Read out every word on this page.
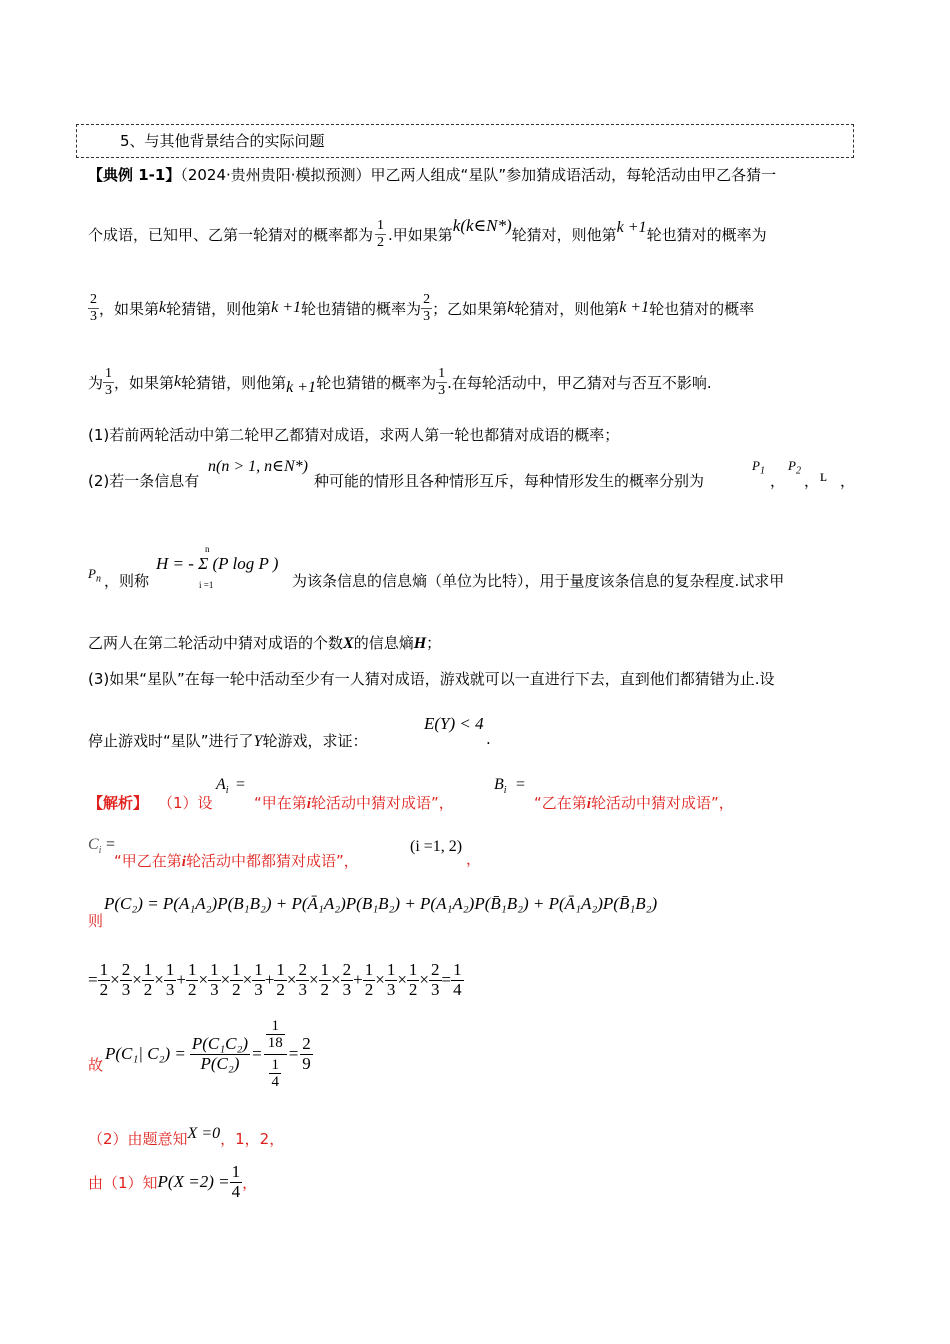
5、与其他背景结合的实际问题
【典例 1-1】（2024·贵州贵阳·模拟预测）甲乙两人组成“星队”参加猜成语活动，每轮活动由甲乙各猜一
个成语，已知甲、乙第一轮猜对的概率都为 $\frac{1}{2}$ .甲如果第 k(k∈N*) 轮猜对，则他第 k +1 轮也猜对的概率为
$\frac{2}{3}$ ，如果第 k 轮猜错，则他第 k +1 轮也猜错的概率为 $\frac{2}{3}$ ；乙如果第 k 轮猜对，则他第 k +1 轮也猜对的概率
为 $\frac{1}{3}$ ，如果第 k 轮猜错，则他第 k +1 轮也猜错的概率为 $\frac{1}{3}$ .在每轮活动中，甲乙猜对与否互不影响.
(1)若前两轮活动中第二轮甲乙都猜对成语，求两人第一轮也都猜对成语的概率；
(2)若一条信息有
n(n > 1, n∈N*)
种可能的情形且各种情形互斥，每种情形发生的概率分别为
$P_1$
，
$P_2$
， ʟ ，
$P_n$ ，则称
n
H = - Σ (P log P )
i =1	为该条信息的信息熵（单位为比特），用于量度该条信息的复杂程度.试求甲
乙两人在第二轮活动中猜对成语的个数X的信息熵H；
(3)如果“星队”在每一轮中活动至少有一人猜对成语，游戏就可以一直进行下去，直到他们都猜错为止.设
停止游戏时“星队”进行了Y轮游戏，求证：
E(Y) < 4
.
【解析】 （1）设
$A_i$ =
“甲在第i轮活动中猜对成语”，
$B_i$ =
“乙在第i轮活动中猜对成语”，
$C_i$ =
“甲乙在第i轮活动中都都猜对成语”，
(i =1, 2)
，
则
P(C₂) = P(A₁A₂)P(B₁B₂) + P(Ā₁A₂)P(B₁B₂) + P(A₁A₂)P(B̄₁B₂) + P(Ā₁A₂)P(B̄₁B₂)
= $\frac{1}{2} \times \frac{2}{3} \times \frac{1}{2} \times \frac{1}{3} + \frac{1}{2} \times \frac{1}{3} \times \frac{1}{2} \times \frac{1}{3} + \frac{1}{2} \times \frac{2}{3} \times \frac{1}{2} \times \frac{2}{3} + \frac{1}{2} \times \frac{1}{3} \times \frac{1}{2} \times \frac{2}{3} = \frac{1}{4}$
故
P(C₁| $C_2) = \frac{\text{P(C₁C₂)}}{\text{P(C₂)}} = \frac{\frac{1}{18}}{\frac{1}{4}} = \frac{2}{9}$
（2）由题意知 X =0 ，1，2，
由（1）知 $P(X =2) = \frac{1}{4}$ ，
